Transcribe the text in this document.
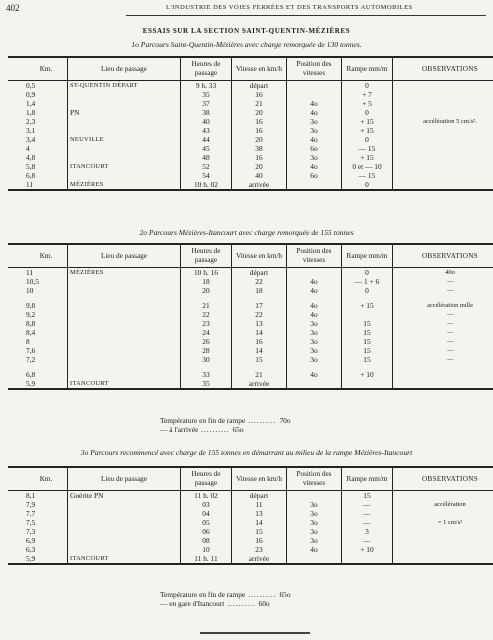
402	L'INDUSTRIE DES VOIES FERRÉES ET DES TRANSPORTS AUTOMOBILES
ESSAIS SUR LA SECTION SAINT-QUENTIN-MÉZIÈRES
1o Parcours Saint-Quentin-Mézières avec charge remorquée de 130 tonnes.
Km.	Lieu de passage	Heures de passage	Vitesse en km/h	Position des vitesses	Rampe mm/m	OBSERVATIONS
0,5	ST-QUENTIN DÉPART	9 h. 33	départ		0	
0,9		35	16		+ 7	
1,4		37	21	4o	+ 5	
1,8	PN	38	20	4o	0	
2,3		40	16	3o	+ 15	accélération 5 cm/s².
3,1		43	16	3o	+ 15	
3,4	NEUVILLE	44	20	4o	0	
4		45	38	6o	— 15	
4,8		48	16	3o	+ 15	
5,8	ITANCOURT	52	20	4o	0 et — 10	
6,8		54	40	6o	— 15	
11	MÉZIÈRES	10 h. 02	arrivée		0	
2o Parcours Mézières-Itancourt avec charge remorquée de 155 tonnes
Km.	Lieu de passage	Heures de passage	Vitesse en km/h	Position des vitesses	Rampe mm/m	OBSERVATIONS
11	MÉZIÈRES	10 h. 16	départ		0	40o
10,5		18	22	4o	— 1 + 6	—
10		20	18	4o	0	—

9,8		21	17	4o	+ 15	accélération nulle
9,2		22	22	4o		—
8,8		23	13	3o	15	—
8,4		24	14	3o	15	—
8		26	16	3o	15	—
7,6		28	14	3o	15	—
7,2		30	15	3o	15	—

6,8		33	21	4o	+ 10	
5,9	ITANCOURT	35	arrivée			
Température en fin de rampe .......... 70o
— à l'arrivée .......... 65o
3o Parcours recommencé avec charge de 155 tonnes en démarrant au milieu de la rampe Mézières-Itancourt
Km.	Lieu de passage	Heures de passage	Vitesse en km/h	Position des vitesses	Rampe mm/m	OBSERVATIONS
8,1	Guérite PN	11 h. 02	départ		15	
7,9		03	11	3o	—	accélération
7,7		04	13	3o	—	
7,5		05	14	3o	—	= 1 cm/s²
7,3		06	15	3o	3	
6,9		08	16	3o	—	
6,3		10	23	4o	+ 10	
5,9	ITANCOURT	11 h. 11	arrivée			
Température en fin de rampe .......... 65o
— en gare d'Itancourt .......... 60o
